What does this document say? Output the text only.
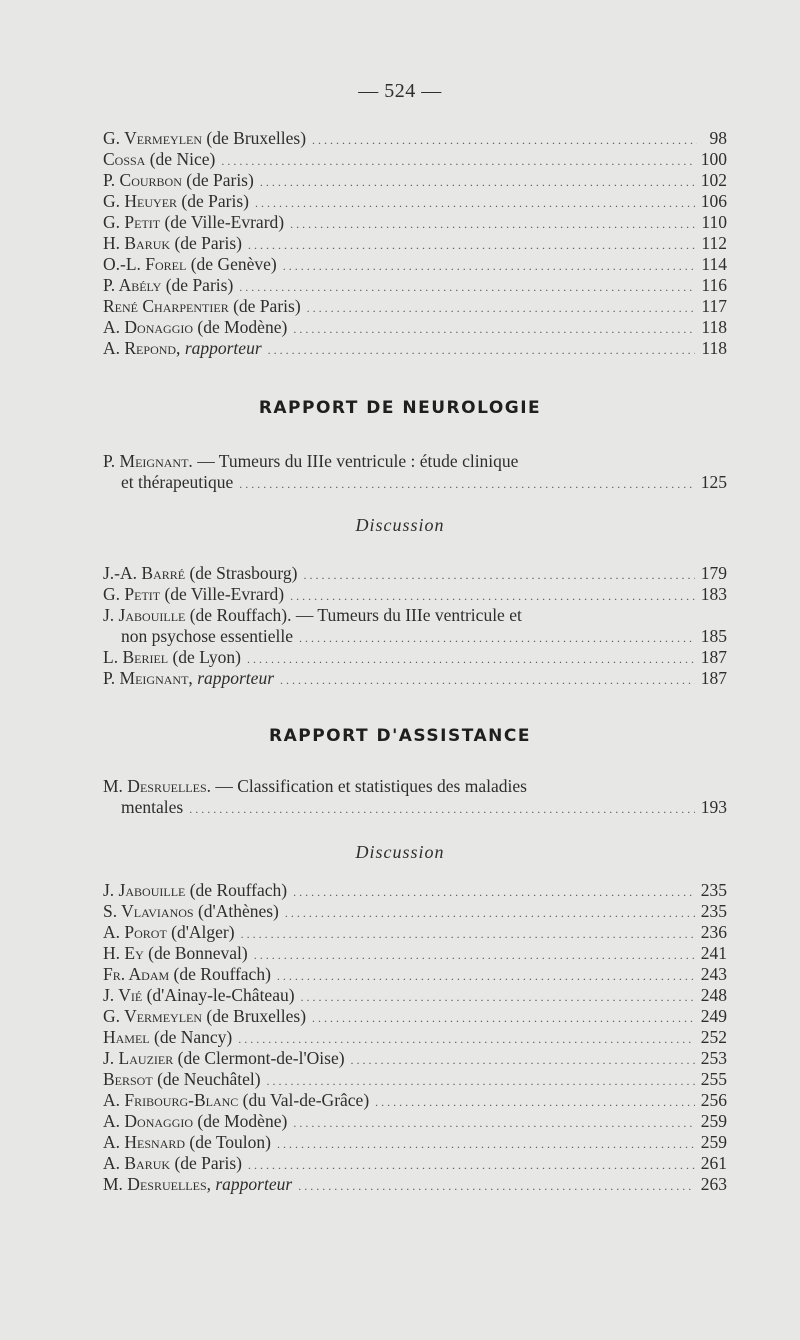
— 524 —
G. Vermeylen (de Bruxelles) . . .	98
Cossa (de Nice) . . .	100
P. Courbon (de Paris) . . .	102
G. Heuyer (de Paris) . . .	106
G. Petit (de Ville-Evrard) . . .	110
H. Baruk (de Paris) . . .	112
O.-L. Forel (de Genève) . . .	114
P. Abély (de Paris) . . .	116
René Charpentier (de Paris) . . .	117
A. Donaggio (de Modène) . . .	118
A. Repond, rapporteur . . .	118
RAPPORT DE NEUROLOGIE
P. Meignant. — Tumeurs du IIIe ventricule : étude clinique
et thérapeutique . . .	125
Discussion
J.-A. Barré (de Strasbourg) . . .	179
G. Petit (de Ville-Evrard) . . .	183
J. Jabouille (de Rouffach). — Tumeurs du IIIe ventricule et
non psychose essentielle . . .	185
L. Beriel (de Lyon) . . .	187
P. Meignant, rapporteur . . .	187
RAPPORT D'ASSISTANCE
M. Desruelles. — Classification et statistiques des maladies
mentales . . .	193
Discussion
J. Jabouille (de Rouffach) . . .	235
S. Vlavianos (d'Athènes) . . .	235
A. Porot (d'Alger) . . .	236
H. Ey (de Bonneval) . . .	241
Fr. Adam (de Rouffach) . . .	243
J. Vié (d'Ainay-le-Château) . . .	248
G. Vermeylen (de Bruxelles) . . .	249
Hamel (de Nancy) . . .	252
J. Lauzier (de Clermont-de-l'Oise) . . .	253
Bersot (de Neuchâtel) . . .	255
A. Fribourg-Blanc (du Val-de-Grâce) . . .	256
A. Donaggio (de Modène) . . .	259
A. Hesnard (de Toulon) . . .	259
A. Baruk (de Paris) . . .	261
M. Desruelles, rapporteur . . .	263
